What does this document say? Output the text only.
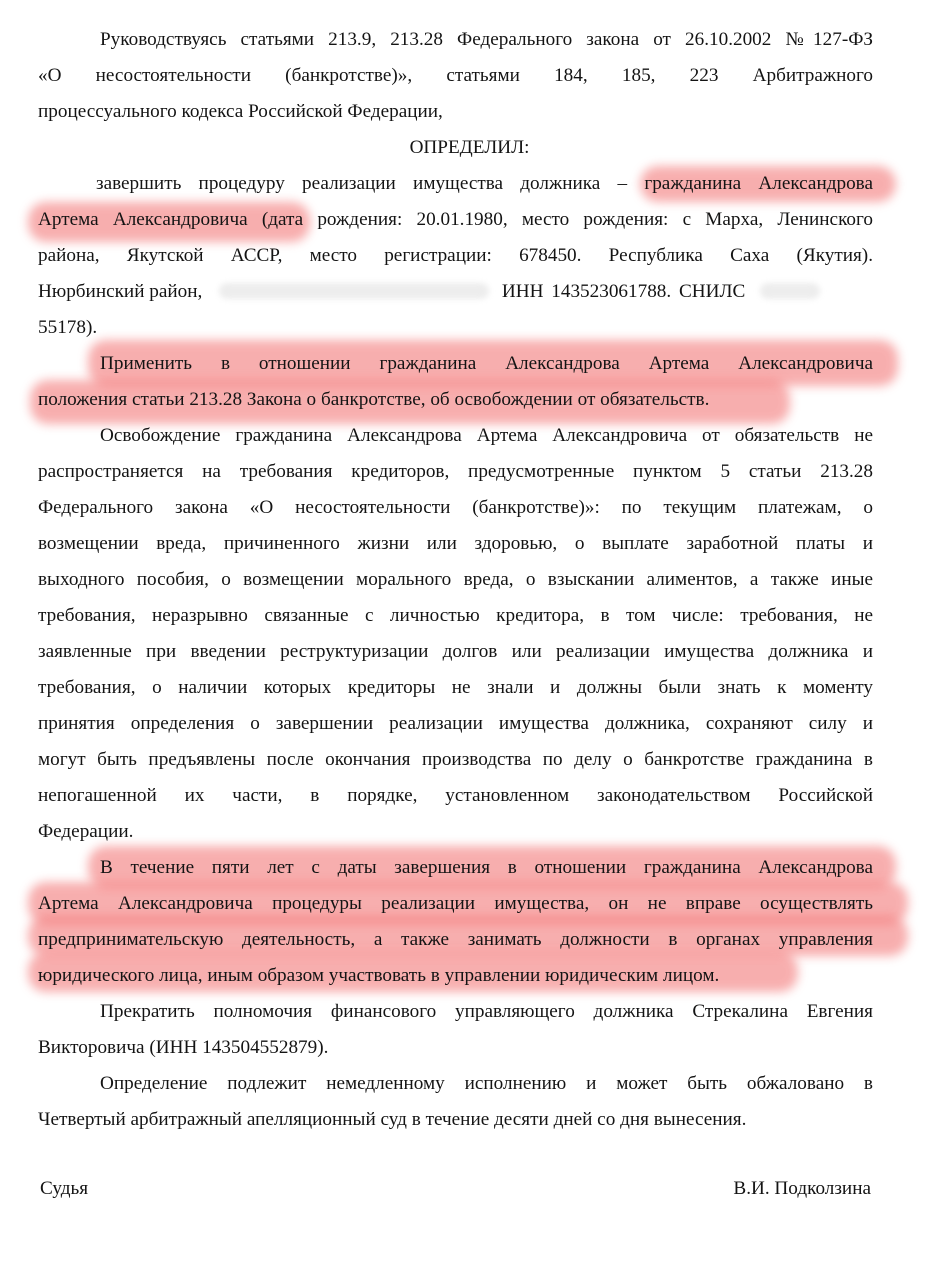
Руководствуясь статьями 213.9, 213.28 Федерального закона от 26.10.2002 №127-ФЗ

«О несостоятельности (банкротстве)», статьями 184, 185, 223 Арбитражного

процессуального кодекса Российской Федерации,

ОПРЕДЕЛИЛ:

завершить процедуру реализации имущества должника – гражданина Александрова

Артема Александровича (дата рождения: 20.01.1980, место рождения: с Марха, Ленинского

района, Якутской АССР, место регистрации: 678450. Республика Саха (Якутия).

Нюрбинский район,	ИНН 143523061788. СНИЛС

55178).

Применить в отношении гражданина Александрова Артема Александровича

положения статьи 213.28 Закона о банкротстве, об освобождении от обязательств.

Освобождение гражданина Александрова Артема Александровича от обязательств не

распространяется на требования кредиторов, предусмотренные пунктом 5 статьи 213.28

Федерального закона «О несостоятельности (банкротстве)»: по текущим платежам, о

возмещении вреда, причиненного жизни или здоровью, о выплате заработной платы и

выходного пособия, о возмещении морального вреда, о взыскании алиментов, а также иные

требования, неразрывно связанные с личностью кредитора, в том числе: требования, не

заявленные при введении реструктуризации долгов или реализации имущества должника и

требования, о наличии которых кредиторы не знали и должны были знать к моменту

принятия определения о завершении реализации имущества должника, сохраняют силу и

могут быть предъявлены после окончания производства по делу о банкротстве гражданина в

непогашенной их части, в порядке, установленном законодательством Российской

Федерации.

В течение пяти лет с даты завершения в отношении гражданина Александрова

Артема Александровича процедуры реализации имущества, он не вправе осуществлять

предпринимательскую деятельность, а также занимать должности в органах управления

юридического лица, иным образом участвовать в управлении юридическим лицом.

Прекратить полномочия финансового управляющего должника Стрекалина Евгения

Викторовича (ИНН 143504552879).

Определение подлежит немедленному исполнению и может быть обжаловано в

Четвертый арбитражный апелляционный суд в течение десяти дней со дня вынесения.

Судья	В.И. Подколзина
